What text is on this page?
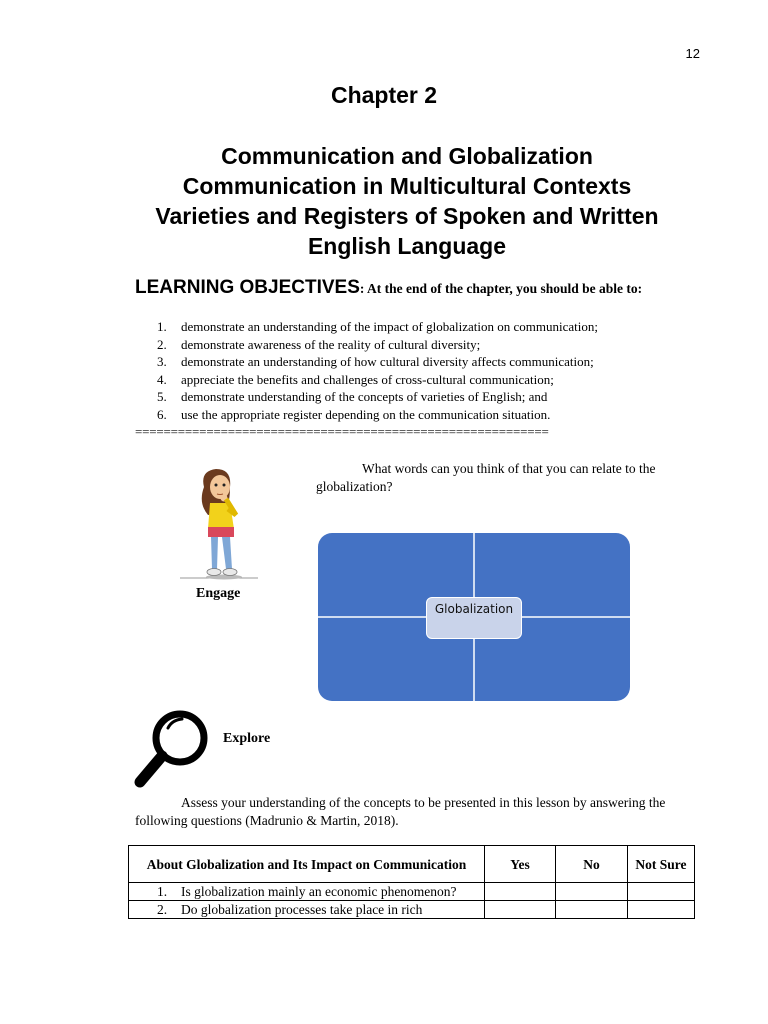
12
Chapter 2
Communication and Globalization
Communication in Multicultural Contexts
Varieties and Registers of Spoken and Written English Language
LEARNING OBJECTIVES: At the end of the chapter, you should be able to:
1.	demonstrate an understanding of the impact of globalization on communication;
2.	demonstrate awareness of the reality of cultural diversity;
3.	demonstrate an understanding of how cultural diversity affects communication;
4.	appreciate the benefits and challenges of cross-cultural communication;
5.	demonstrate understanding of the concepts of varieties of English; and
6.	use the appropriate register depending on the communication situation.
==========================================================
Engage
What words can you think of that you can relate to the globalization?
Globalization
Explore
Assess your understanding of the concepts to be presented in this lesson by answering the following questions (Madrunio & Martin, 2018).
About Globalization and Its Impact on Communication	Yes	No	Not Sure

1. Is globalization mainly an economic phenomenon?			

2. Do globalization processes take place in rich			
